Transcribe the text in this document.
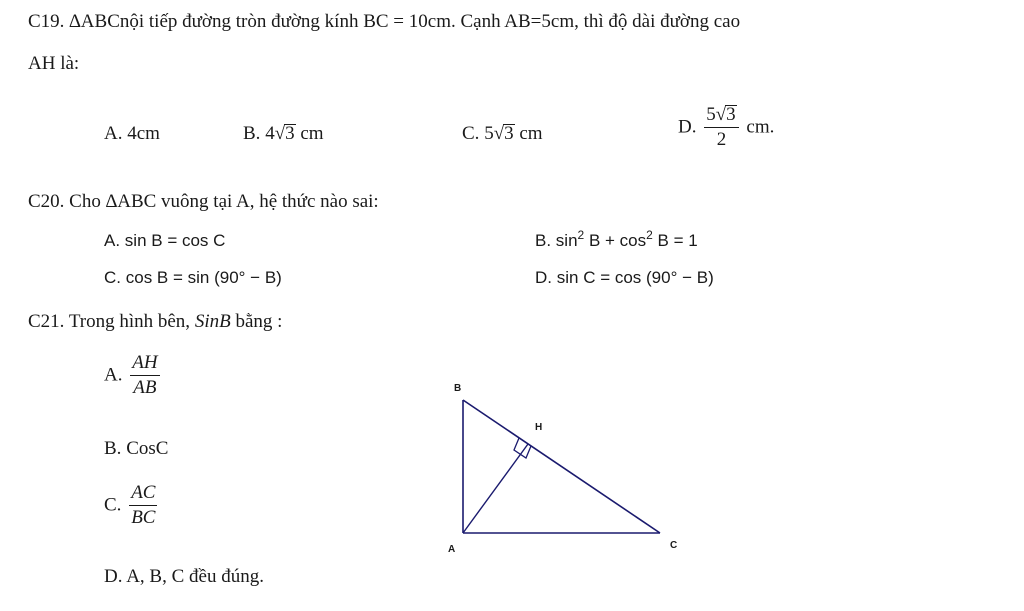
C19. ∆ABCnội tiếp đường tròn đường kính BC = 10cm. Cạnh AB=5cm, thì độ dài đường cao
AH là:
A. 4cm	B. 4√3 cm	C. 5√3 cm	D. $\frac{5√3}{2}$ cm.
C20. Cho ∆ABC vuông tại A, hệ thức nào sai:
A. sin B = cos C	B. $\sin^2 B + \cos^2 B = 1$
C. cos B = sin (90° − B)	D. sin C = cos (90° − B)
C21. Trong hình bên, SinB bằng :
A. $\frac{AH}{AB}$
B. CosC
C. $\frac{AC}{BC}$
D. A, B, C đều đúng.
B
H
A	C
